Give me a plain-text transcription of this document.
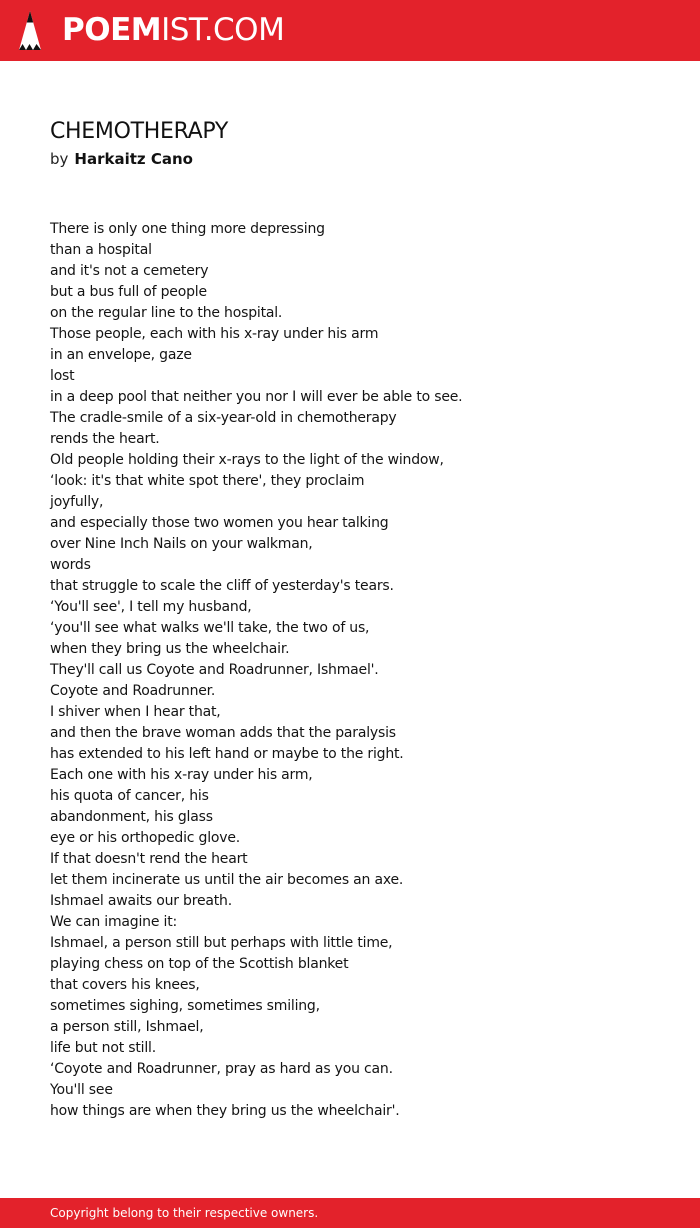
POEMIST.COM
CHEMOTHERAPY
by Harkaitz Cano
There is only one thing more depressing
than a hospital
and it's not a cemetery
but a bus full of people
on the regular line to the hospital.
Those people, each with his x-ray under his arm
in an envelope, gaze
lost
in a deep pool that neither you nor I will ever be able to see.
The cradle-smile of a six-year-old in chemotherapy
rends the heart.
Old people holding their x-rays to the light of the window,
‘look: it's that white spot there', they proclaim
joyfully,
and especially those two women you hear talking
over Nine Inch Nails on your walkman,
words
that struggle to scale the cliff of yesterday's tears.
‘You'll see', I tell my husband,
‘you'll see what walks we'll take, the two of us,
when they bring us the wheelchair.
They'll call us Coyote and Roadrunner, Ishmael'.
Coyote and Roadrunner.
I shiver when I hear that,
and then the brave woman adds that the paralysis
has extended to his left hand or maybe to the right.
Each one with his x-ray under his arm,
his quota of cancer, his
abandonment, his glass
eye or his orthopedic glove.
If that doesn't rend the heart
let them incinerate us until the air becomes an axe.
Ishmael awaits our breath.
We can imagine it:
Ishmael, a person still but perhaps with little time,
playing chess on top of the Scottish blanket
that covers his knees,
sometimes sighing, sometimes smiling,
a person still, Ishmael,
life but not still.
‘Coyote and Roadrunner, pray as hard as you can.
You'll see
how things are when they bring us the wheelchair'.
Copyright belong to their respective owners.
